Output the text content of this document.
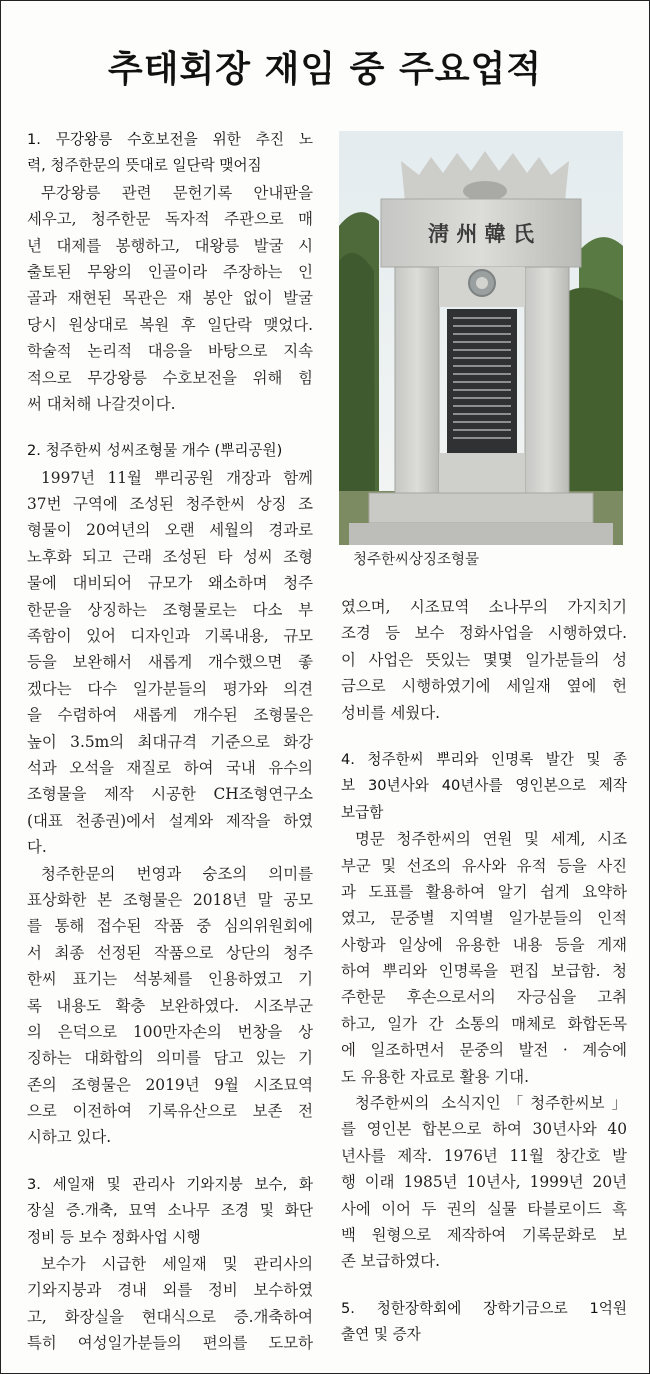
추태회장 재임 중 주요업적
1. 무강왕릉 수호보전을 위한 추진 노
력, 청주한문의 뜻대로 일단락 맺어짐
무강왕릉 관련 문헌기록 안내판을
세우고, 청주한문 독자적 주관으로 매
년 대제를 봉행하고, 대왕릉 발굴 시
출토된 무왕의 인골이라 주장하는 인
골과 재현된 목관은 재 봉안 없이 발굴
당시 원상대로 복원 후 일단락 맺었다.
학술적 논리적 대응을 바탕으로 지속
적으로 무강왕릉 수호보전을 위해 힘
써 대처해 나갈것이다.
2. 청주한씨 성씨조형물 개수 (뿌리공원)
1997년 11월 뿌리공원 개장과 함께
37번 구역에 조성된 청주한씨 상징 조
형물이 20여년의 오랜 세월의 경과로
노후화 되고 근래 조성된 타 성씨 조형
물에 대비되어 규모가 왜소하며 청주
한문을 상징하는 조형물로는 다소 부
족함이 있어 디자인과 기록내용, 규모
등을 보완해서 새롭게 개수했으면 좋
겠다는 다수 일가분들의 평가와 의견
을 수렴하여 새롭게 개수된 조형물은
높이 3.5m의 최대규격 기준으로 화강
석과 오석을 재질로 하여 국내 유수의
조형물을 제작 시공한 CH조형연구소
(대표 천종권)에서 설계와 제작을 하였
다.
청주한문의 번영과 숭조의 의미를
표상화한 본 조형물은 2018년 말 공모
를 통해 접수된 작품 중 심의위원회에
서 최종 선정된 작품으로 상단의 청주
한씨 표기는 석봉체를 인용하였고 기
록 내용도 확충 보완하였다. 시조부군
의 은덕으로 100만자손의 번창을 상
징하는 대화합의 의미를 담고 있는 기
존의 조형물은 2019년 9월 시조묘역
으로 이전하여 기록유산으로 보존 전
시하고 있다.
3. 세일재 및 관리사 기와지붕 보수, 화
장실 증.개축, 묘역 소나무 조경 및 화단
정비 등 보수 정화사업 시행
보수가 시급한 세일재 및 관리사의
기와지붕과 경내 외를 정비 보수하였
고, 화장실을 현대식으로 증.개축하여
특히 여성일가분들의 편의를 도모하
淸 州 韓 氏
청주한씨상징조형물
였으며, 시조묘역 소나무의 가지치기
조경 등 보수 정화사업을 시행하였다.
이 사업은 뜻있는 몇몇 일가분들의 성
금으로 시행하였기에 세일재 옆에 헌
성비를 세웠다.
4. 청주한씨 뿌리와 인명록 발간 및 종
보 30년사와 40년사를 영인본으로 제작
보급함
명문 청주한씨의 연원 및 세계, 시조
부군 및 선조의 유사와 유적 등을 사진
과 도표를 활용하여 알기 쉽게 요약하
였고, 문중별 지역별 일가분들의 인적
사항과 일상에 유용한 내용 등을 게재
하여 뿌리와 인명록을 편집 보급함. 청
주한문 후손으로서의 자긍심을 고취
하고, 일가 간 소통의 매체로 화합돈목
에 일조하면서 문중의 발전 · 계승에
도 유용한 자료로 활용 기대.
청주한씨의 소식지인「청주한씨보」
를 영인본 합본으로 하여 30년사와 40
년사를 제작. 1976년 11월 창간호 발
행 이래 1985년 10년사, 1999년 20년
사에 이어 두 권의 실물 타블로이드 흑
백 원형으로 제작하여 기록문화로 보
존 보급하였다.
5. 청한장학회에 장학기금으로 1억원
출연 및 증자
